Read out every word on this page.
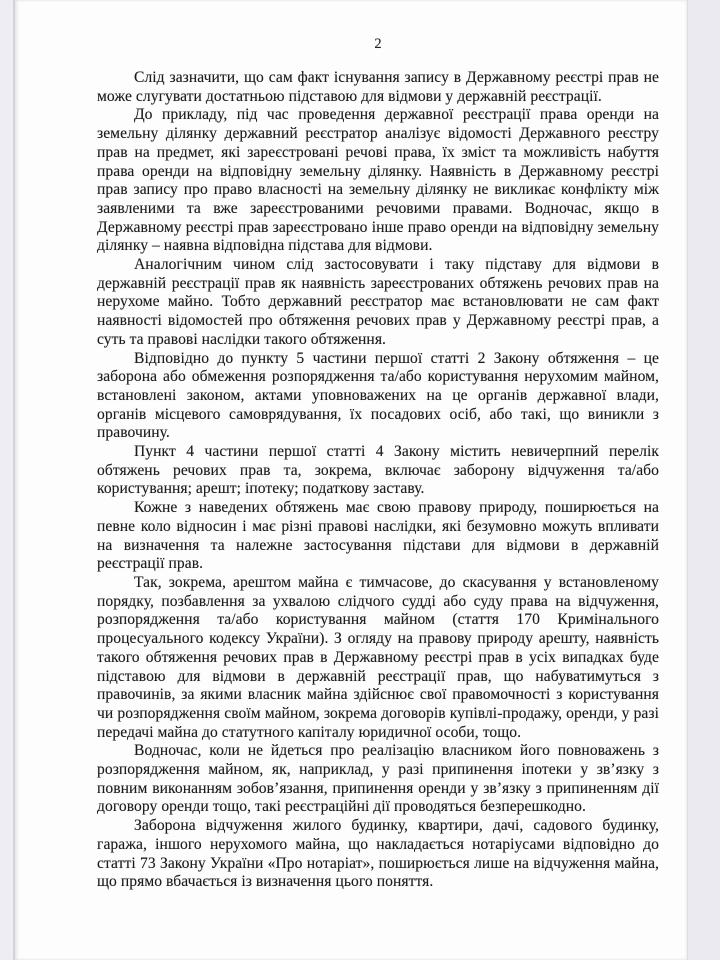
2

Слід зазначити, що сам факт існування запису в Державному реєстрі прав не може слугувати достатньою підставою для відмови у державній реєстрації.

До прикладу, під час проведення державної реєстрації права оренди на земельну ділянку державний реєстратор аналізує відомості Державного реєстру прав на предмет, які зареєстровані речові права, їх зміст та можливість набуття права оренди на відповідну земельну ділянку. Наявність в Державному реєстрі прав запису про право власності на земельну ділянку не викликає конфлікту між заявленими та вже зареєстрованими речовими правами. Водночас, якщо в Державному реєстрі прав зареєстровано інше право оренди на відповідну земельну ділянку – наявна відповідна підстава для відмови.

Аналогічним чином слід застосовувати і таку підставу для відмови в державній реєстрації прав як наявність зареєстрованих обтяжень речових прав на нерухоме майно. Тобто державний реєстратор має встановлювати не сам факт наявності відомостей про обтяження речових прав у Державному реєстрі прав, а суть та правові наслідки такого обтяження.

Відповідно до пункту 5 частини першої статті 2 Закону обтяження – це заборона або обмеження розпорядження та/або користування нерухомим майном, встановлені законом, актами уповноважених на це органів державної влади, органів місцевого самоврядування, їх посадових осіб, або такі, що виникли з правочину.

Пункт 4 частини першої статті 4 Закону містить невичерпний перелік обтяжень речових прав та, зокрема, включає заборону відчуження та/або користування; арешт; іпотеку; податкову заставу.

Кожне з наведених обтяжень має свою правову природу, поширюється на певне коло відносин і має різні правові наслідки, які безумовно можуть впливати на визначення та належне застосування підстави для відмови в державній реєстрації прав.

Так, зокрема, арештом майна є тимчасове, до скасування у встановленому порядку, позбавлення за ухвалою слідчого судді або суду права на відчуження, розпорядження та/або користування майном (стаття 170 Кримінального процесуального кодексу України). З огляду на правову природу арешту, наявність такого обтяження речових прав в Державному реєстрі прав в усіх випадках буде підставою для відмови в державній реєстрації прав, що набуватимуться з правочинів, за якими власник майна здійснює свої правомочності з користування чи розпорядження своїм майном, зокрема договорів купівлі-продажу, оренди, у разі передачі майна до статутного капіталу юридичної особи, тощо.

Водночас, коли не йдеться про реалізацію власником його повноважень з розпорядження майном, як, наприклад, у разі припинення іпотеки у зв’язку з повним виконанням зобов’язання, припинення оренди у зв’язку з припиненням дії договору оренди тощо, такі реєстраційні дії проводяться безперешкодно.

Заборона відчуження жилого будинку, квартири, дачі, садового будинку, гаража, іншого нерухомого майна, що накладається нотаріусами відповідно до статті 73 Закону України «Про нотаріат», поширюється лише на відчуження майна, що прямо вбачається із визначення цього поняття.
